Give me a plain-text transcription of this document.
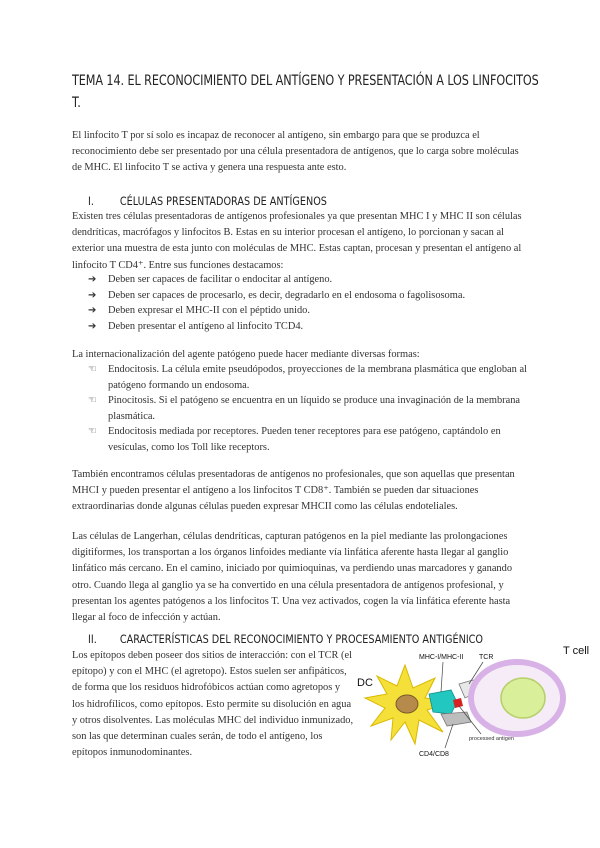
TEMA 14. EL RECONOCIMIENTO DEL ANTÍGENO Y PRESENTACIÓN A LOS LINFOCITOS T.

El linfocito T por sí solo es incapaz de reconocer al antígeno, sin embargo para que se produzca el reconocimiento debe ser presentado por una célula presentadora de antígenos, que lo carga sobre moléculas de MHC. El linfocito T se activa y genera una respuesta ante esto.

I. CÉLULAS PRESENTADORAS DE ANTÍGENOS

Existen tres células presentadoras de antígenos profesionales ya que presentan MHC I y MHC II son células dendríticas, macrófagos y linfocitos B. Estas en su interior procesan el antígeno, lo porcionan y sacan al exterior una muestra de esta junto con moléculas de MHC. Estas captan, procesan y presentan el antígeno al linfocito T CD4⁺. Entre sus funciones destacamos:

➔	Deben ser capaces de facilitar o endocitar al antígeno.
➔	Deben ser capaces de procesarlo, es decir, degradarlo en el endosoma o fagolisosoma.
➔	Deben expresar el MHC-II con el péptido unido.
➔	Deben presentar el antígeno al linfocito TCD4.

La internacionalización del agente patógeno puede hacer mediante diversas formas:

☜	Endocitosis. La célula emite pseudópodos, proyecciones de la membrana plasmática que engloban al patógeno formando un endosoma.
☜	Pinocitosis. Si el patógeno se encuentra en un líquido se produce una invaginación de la membrana plasmática.
☜	Endocitosis mediada por receptores. Pueden tener receptores para ese patógeno, captándolo en vesículas, como los Toll like receptors.

También encontramos células presentadoras de antígenos no profesionales, que son aquellas que presentan MHCI y pueden presentar el antígeno a los linfocitos T CD8⁺. También se pueden dar situaciones extraordinarias donde algunas células pueden expresar MHCII como las células endoteliales.

Las células de Langerhan, células dendríticas, capturan patógenos en la piel mediante las prolongaciones digitiformes, los transportan a los órganos linfoides mediante vía linfática aferente hasta llegar al ganglio linfático más cercano. En el camino, iniciado por quimioquinas, va perdiendo unas marcadores y ganando otro. Cuando llega al ganglio ya se ha convertido en una célula presentadora de antígenos profesional, y presentan los agentes patógenos a los linfocitos T. Una vez activados, cogen la vía linfática eferente hasta llegar al foco de infección y actúan.

II. CARACTERÍSTICAS DEL RECONOCIMIENTO Y PROCESAMIENTO ANTIGÉNICO

Los epítopos deben poseer dos sitios de interacción: con el TCR (el epítopo) y con el MHC (el agretopo). Estos suelen ser anfipáticos, de forma que los residuos hidrofóbicos actúan como agretopos y los hidrofílicos, como epítopos. Esto permite su disolución en agua y otros disolventes. Las moléculas MHC del individuo inmunizado, son las que determinan cuales serán, de todo el antígeno, los epítopos inmunodominantes.

DC
T cell
MHC-I/MHC-II TCR
CD4/CD8
processed antigen
